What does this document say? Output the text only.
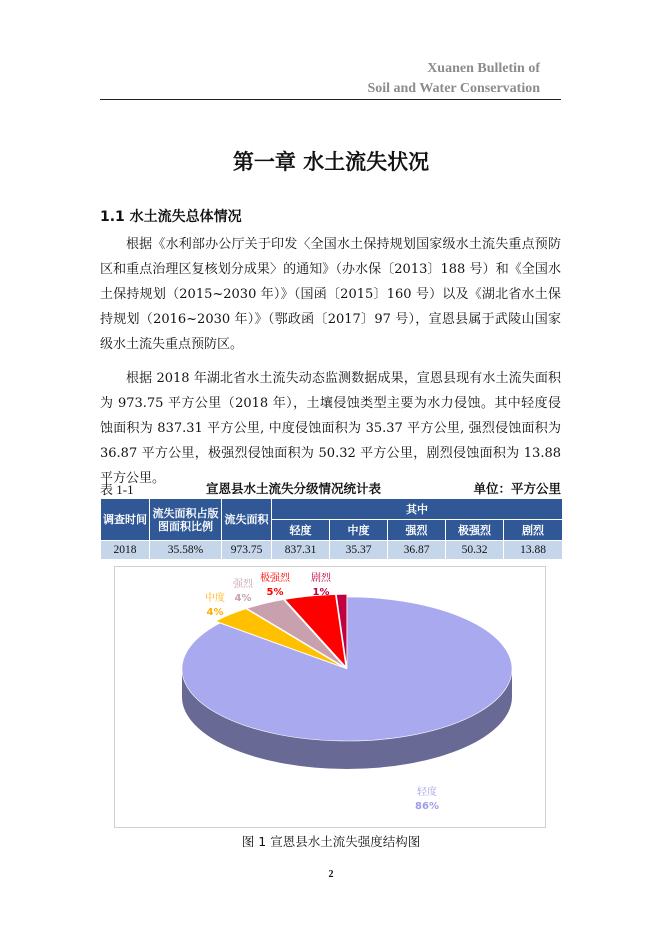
Xuanen Bulletin of
Soil and Water Conservation
第一章 水土流失状况
1.1 水土流失总体情况

根据《水利部办公厅关于印发〈全国水土保持规划国家级水土流失重点预防区和重点治理区复核划分成果〉的通知》（办水保〔2013〕188 号）和《全国水土保持规划（2015~2030 年）》（国函〔2015〕160 号）以及《湖北省水土保持规划（2016~2030 年）》（鄂政函〔2017〕97 号），宣恩县属于武陵山国家级水土流失重点预防区。

根据 2018 年湖北省水土流失动态监测数据成果，宣恩县现有水土流失面积为 973.75 平方公里（2018 年），土壤侵蚀类型主要为水力侵蚀。其中轻度侵蚀面积为 837.31 平方公里, 中度侵蚀面积为 35.37 平方公里, 强烈侵蚀面积为 36.87 平方公里，极强烈侵蚀面积为 50.32 平方公里，剧烈侵蚀面积为 13.88 平方公里。

表 1-1	宣恩县水土流失分级情况统计表	单位：平方公里
调查时间	流失面积占版
图面积比例	流失面积	其中				
			轻度	中度	强烈	极强烈	剧烈
2018	35.58%	973.75	837.31	35.37	36.87	50.32	13.88
轻度
86%
中度
4%
强烈
4%
极强烈
5%
剧烈
1%
图 1 宣恩县水土流失强度结构图
2
